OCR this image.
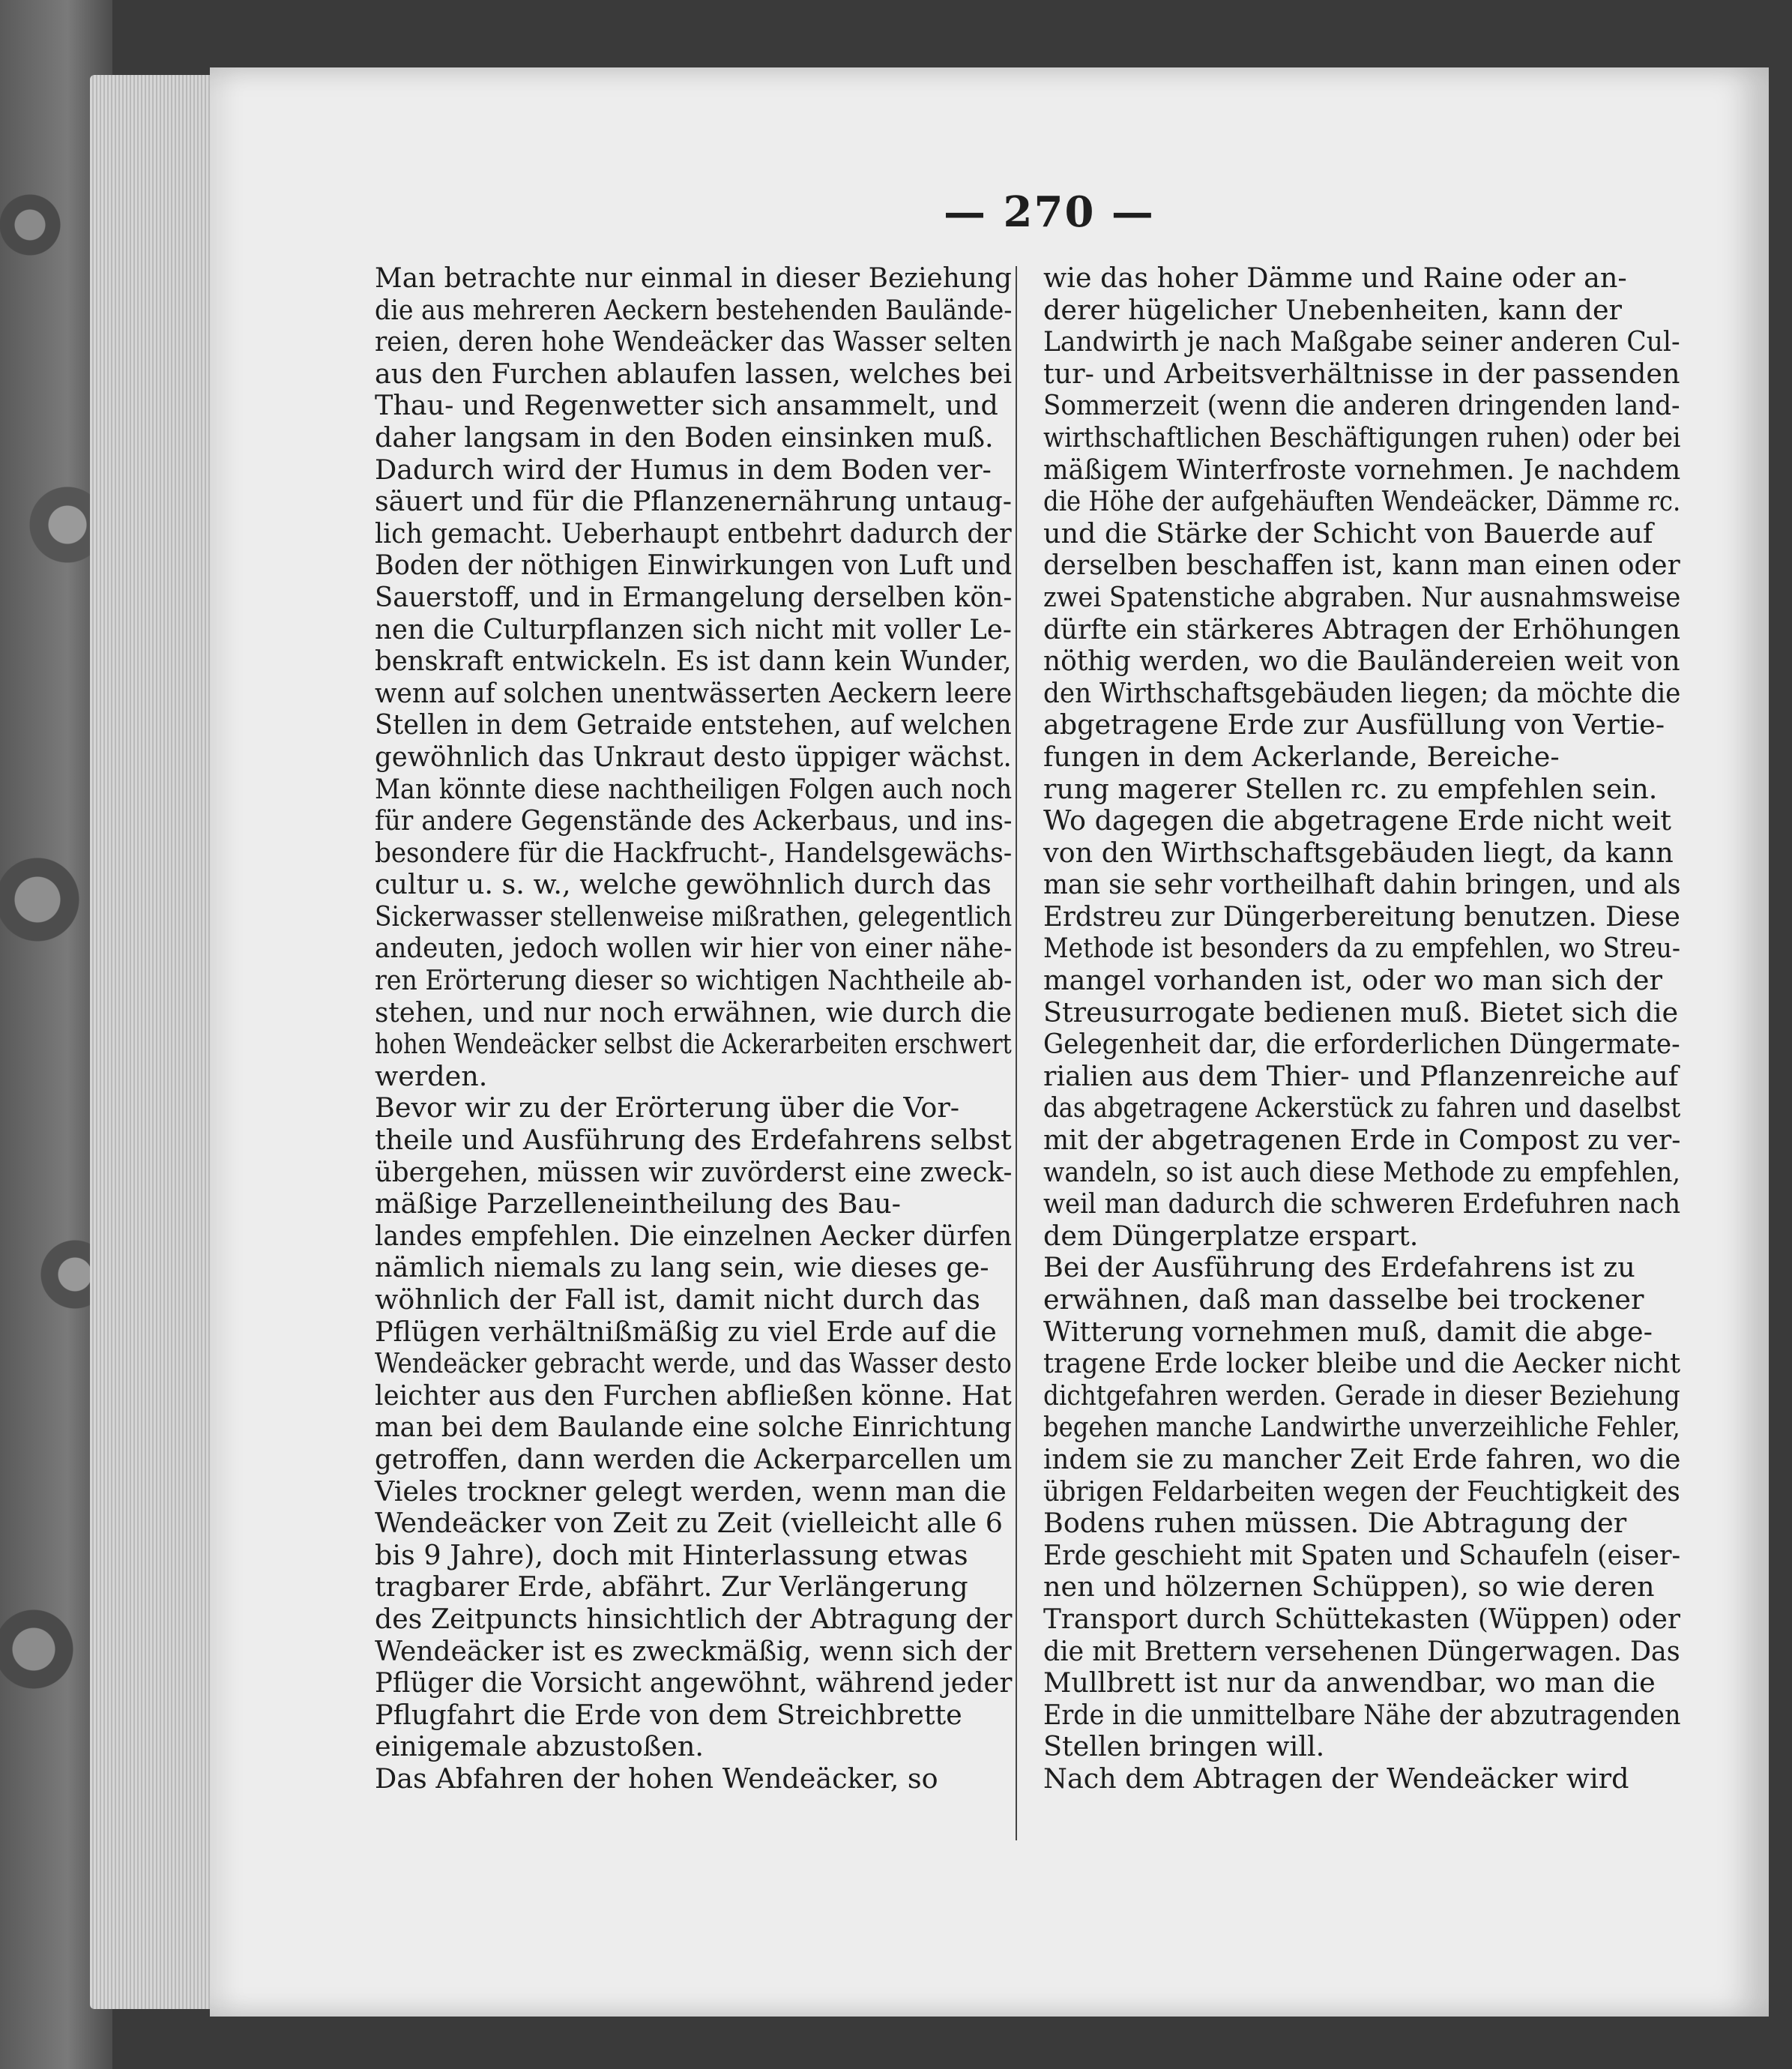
— 270 —
Man betrachte nur einmal in dieser Beziehung
die aus mehreren Aeckern bestehenden Baulände-
reien, deren hohe Wendeäcker das Wasser selten
aus den Furchen ablaufen lassen, welches bei
Thau- und Regenwetter sich ansammelt, und
daher langsam in den Boden einsinken muß.
Dadurch wird der Humus in dem Boden ver-
säuert und für die Pflanzenernährung untaug-
lich gemacht. Ueberhaupt entbehrt dadurch der
Boden der nöthigen Einwirkungen von Luft und
Sauerstoff, und in Ermangelung derselben kön-
nen die Culturpflanzen sich nicht mit voller Le-
benskraft entwickeln. Es ist dann kein Wunder,
wenn auf solchen unentwässerten Aeckern leere
Stellen in dem Getraide entstehen, auf welchen
gewöhnlich das Unkraut desto üppiger wächst.
Man könnte diese nachtheiligen Folgen auch noch
für andere Gegenstände des Ackerbaus, und ins-
besondere für die Hackfrucht-, Handelsgewächs-
cultur u. s. w., welche gewöhnlich durch das
Sickerwasser stellenweise mißrathen, gelegentlich
andeuten, jedoch wollen wir hier von einer nähe-
ren Erörterung dieser so wichtigen Nachtheile ab-
stehen, und nur noch erwähnen, wie durch die
hohen Wendeäcker selbst die Ackerarbeiten erschwert
werden.
Bevor wir zu der Erörterung über die Vor-
theile und Ausführung des Erdefahrens selbst
übergehen, müssen wir zuvörderst eine zweck-
mäßige Parzelleneintheilung des Bau-
landes empfehlen. Die einzelnen Aecker dürfen
nämlich niemals zu lang sein, wie dieses ge-
wöhnlich der Fall ist, damit nicht durch das
Pflügen verhältnißmäßig zu viel Erde auf die
Wendeäcker gebracht werde, und das Wasser desto
leichter aus den Furchen abfließen könne. Hat
man bei dem Baulande eine solche Einrichtung
getroffen, dann werden die Ackerparcellen um
Vieles trockner gelegt werden, wenn man die
Wendeäcker von Zeit zu Zeit (vielleicht alle 6
bis 9 Jahre), doch mit Hinterlassung etwas
tragbarer Erde, abfährt. Zur Verlängerung
des Zeitpuncts hinsichtlich der Abtragung der
Wendeäcker ist es zweckmäßig, wenn sich der
Pflüger die Vorsicht angewöhnt, während jeder
Pflugfahrt die Erde von dem Streichbrette
einigemale abzustoßen.
Das Abfahren der hohen Wendeäcker, so
wie das hoher Dämme und Raine oder an-
derer hügelicher Unebenheiten, kann der
Landwirth je nach Maßgabe seiner anderen Cul-
tur- und Arbeitsverhältnisse in der passenden
Sommerzeit (wenn die anderen dringenden land-
wirthschaftlichen Beschäftigungen ruhen) oder bei
mäßigem Winterfroste vornehmen. Je nachdem
die Höhe der aufgehäuften Wendeäcker, Dämme rc.
und die Stärke der Schicht von Bauerde auf
derselben beschaffen ist, kann man einen oder
zwei Spatenstiche abgraben. Nur ausnahmsweise
dürfte ein stärkeres Abtragen der Erhöhungen
nöthig werden, wo die Bauländereien weit von
den Wirthschaftsgebäuden liegen; da möchte die
abgetragene Erde zur Ausfüllung von Vertie-
fungen in dem Ackerlande, Bereiche-
rung magerer Stellen rc. zu empfehlen sein.
Wo dagegen die abgetragene Erde nicht weit
von den Wirthschaftsgebäuden liegt, da kann
man sie sehr vortheilhaft dahin bringen, und als
Erdstreu zur Düngerbereitung benutzen. Diese
Methode ist besonders da zu empfehlen, wo Streu-
mangel vorhanden ist, oder wo man sich der
Streusurrogate bedienen muß. Bietet sich die
Gelegenheit dar, die erforderlichen Düngermate-
rialien aus dem Thier- und Pflanzenreiche auf
das abgetragene Ackerstück zu fahren und daselbst
mit der abgetragenen Erde in Compost zu ver-
wandeln, so ist auch diese Methode zu empfehlen,
weil man dadurch die schweren Erdefuhren nach
dem Düngerplatze erspart.
Bei der Ausführung des Erdefahrens ist zu
erwähnen, daß man dasselbe bei trockener
Witterung vornehmen muß, damit die abge-
tragene Erde locker bleibe und die Aecker nicht
dichtgefahren werden. Gerade in dieser Beziehung
begehen manche Landwirthe unverzeihliche Fehler,
indem sie zu mancher Zeit Erde fahren, wo die
übrigen Feldarbeiten wegen der Feuchtigkeit des
Bodens ruhen müssen. Die Abtragung der
Erde geschieht mit Spaten und Schaufeln (eiser-
nen und hölzernen Schüppen), so wie deren
Transport durch Schüttekasten (Wüppen) oder
die mit Brettern versehenen Düngerwagen. Das
Mullbrett ist nur da anwendbar, wo man die
Erde in die unmittelbare Nähe der abzutragenden
Stellen bringen will.
Nach dem Abtragen der Wendeäcker wird
